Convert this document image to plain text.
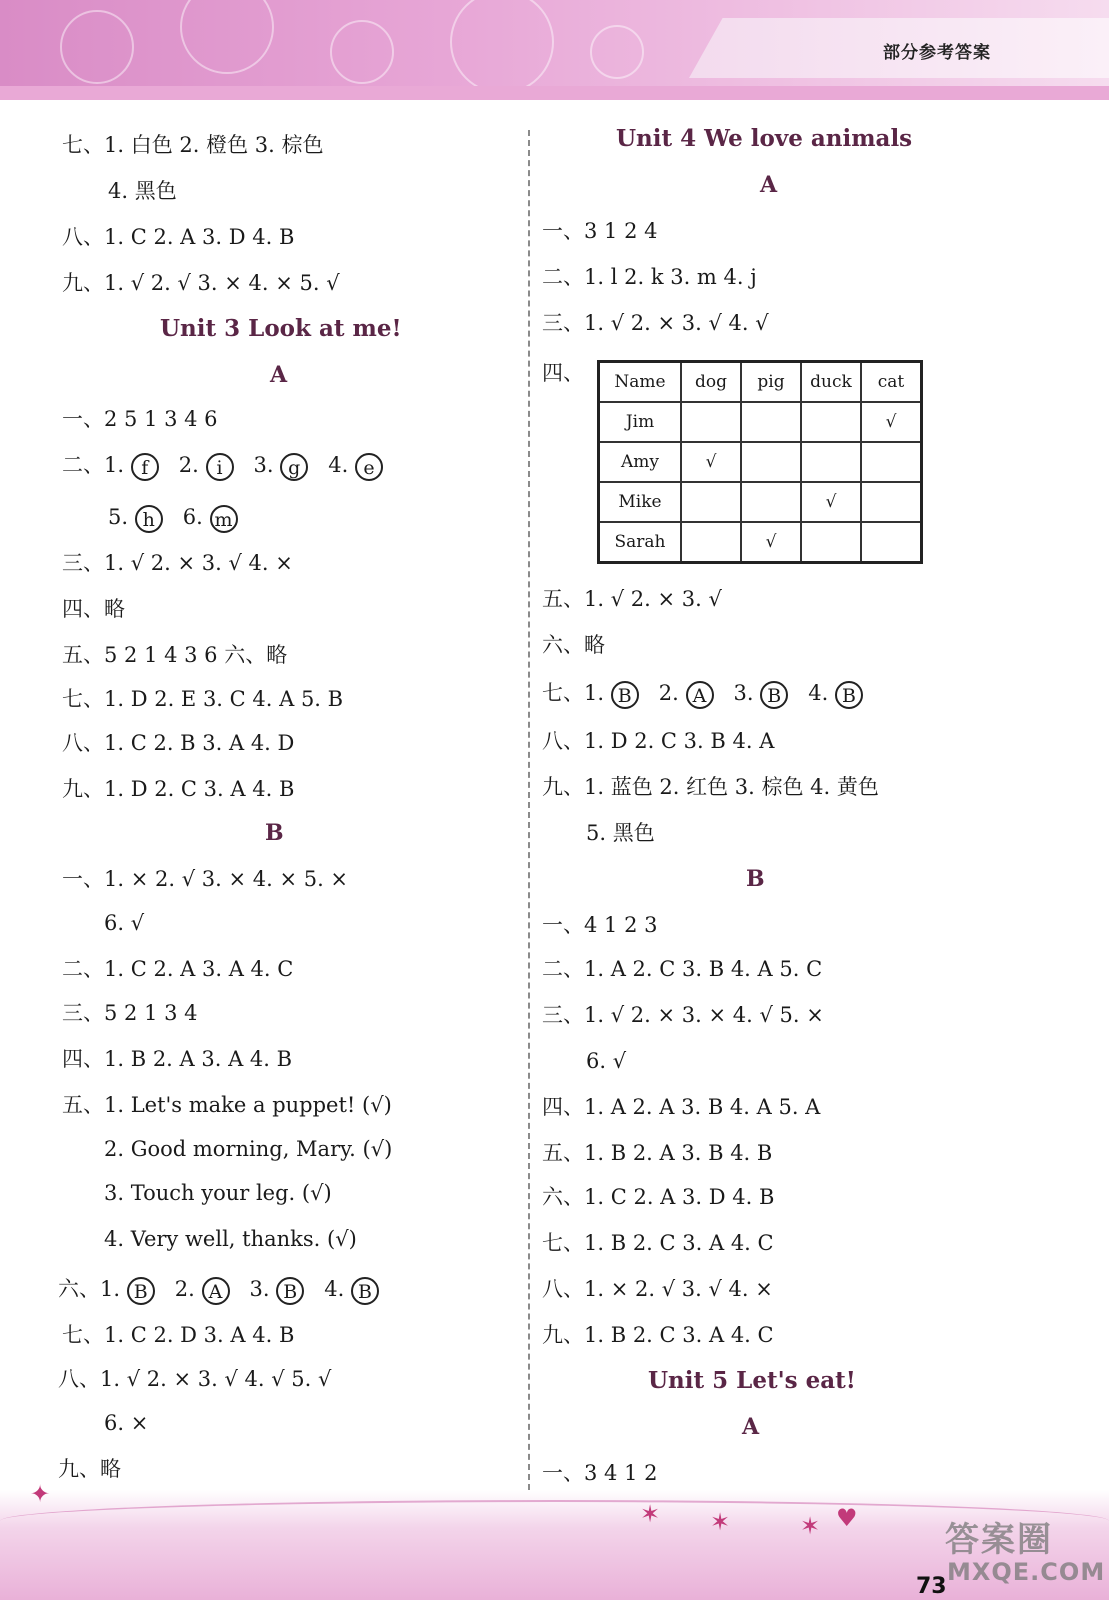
部分参考答案
七、1. 白色 2. 橙色 3. 棕色
4. 黑色
八、1. C 2. A 3. D 4. B
九、1. √ 2. √ 3. × 4. × 5. √
Unit 3 Look at me!
A
一、2 5 1 3 4 6
二、1. f 2. i 3. g 4. e
5. h 6. m
三、1. √ 2. × 3. √ 4. ×
四、略
五、5 2 1 4 3 6 六、略
七、1. D 2. E 3. C 4. A 5. B
八、1. C 2. B 3. A 4. D
九、1. D 2. C 3. A 4. B
B
一、1. × 2. √ 3. × 4. × 5. ×
6. √
二、1. C 2. A 3. A 4. C
三、5 2 1 3 4
四、1. B 2. A 3. A 4. B
五、1. Let's make a puppet! (√)
2. Good morning, Mary. (√)
3. Touch your leg. (√)
4. Very well, thanks. (√)
六、1. B 2. A 3. B 4. B
七、1. C 2. D 3. A 4. B
八、1. √ 2. × 3. √ 4. √ 5. √
6. ×
九、略
Unit 4 We love animals
A
一、3 1 2 4
二、1. l 2. k 3. m 4. j
三、1. √ 2. × 3. √ 4. √
四、 Name	dog	pig	duck	cat
Jim				√
Amy	√			
Mike			√	
Sarah		√		
五、1. √ 2. × 3. √
六、略
七、1. B 2. A 3. B 4. B
八、1. D 2. C 3. B 4. A
九、1. 蓝色 2. 红色 3. 棕色 4. 黄色
5. 黑色
B
一、4 1 2 3
二、1. A 2. C 3. B 4. A 5. C
三、1. √ 2. × 3. × 4. √ 5. ×
6. √
四、1. A 2. A 3. B 4. A 5. A
五、1. B 2. A 3. B 4. B
六、1. C 2. A 3. D 4. B
七、1. B 2. C 3. A 4. C
八、1. × 2. √ 3. √ 4. ×
九、1. B 2. C 3. A 4. C
Unit 5 Let's eat!
A
一、3 4 1 2
✦
✶ ✶	✶ ♥
答案圈
MXQE.COM
73
